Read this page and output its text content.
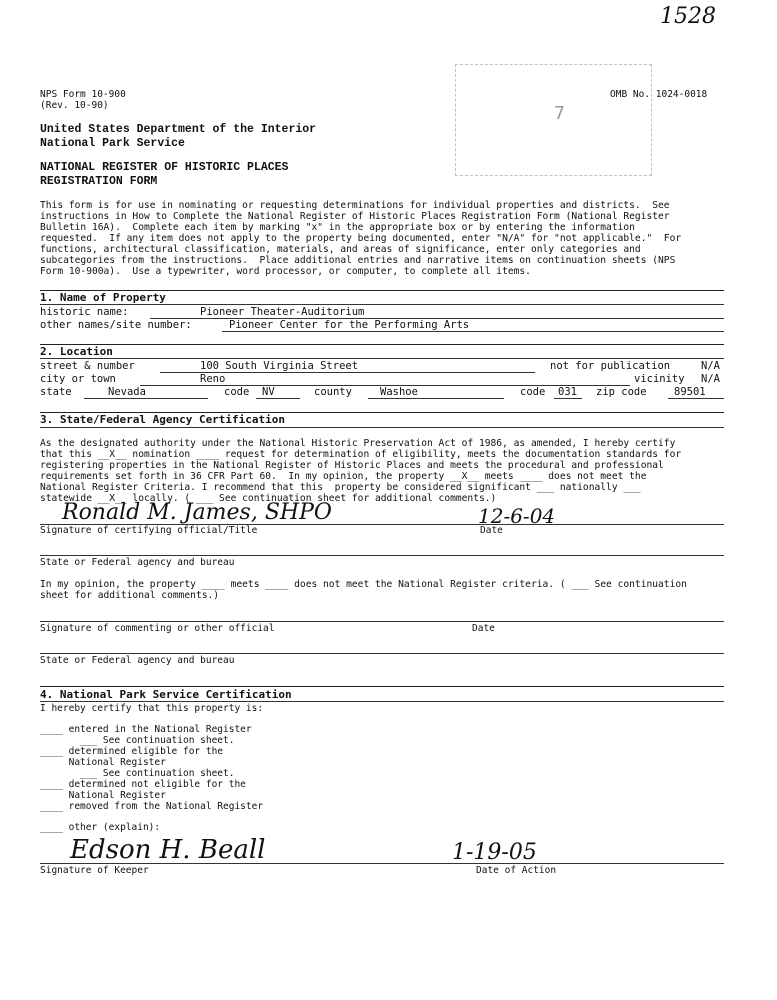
1528
NPS Form 10-900
(Rev. 10-90)
OMB No. 1024-0018
7
United States Department of the Interior
National Park Service
NATIONAL REGISTER OF HISTORIC PLACES
REGISTRATION FORM
This form is for use in nominating or requesting determinations for individual properties and districts.  See
instructions in How to Complete the National Register of Historic Places Registration Form (National Register
Bulletin 16A).  Complete each item by marking "x" in the appropriate box or by entering the information
requested.  If any item does not apply to the property being documented, enter "N/A" for "not applicable."  For
functions, architectural classification, materials, and areas of significance, enter only categories and
subcategories from the instructions.  Place additional entries and narrative items on continuation sheets (NPS
Form 10-900a).  Use a typewriter, word processor, or computer, to complete all items.
1. Name of Property
historic name:	Pioneer Theater-Auditorium
other names/site number:	Pioneer Center for the Performing Arts
2. Location
street & number	100 South Virginia Street	not for publication	N/A
city or town	Reno	vicinity N/A
state	Nevada	code NV	county	Washoe	code 031 zip code	89501
3. State/Federal Agency Certification
As the designated authority under the National Historic Preservation Act of 1986, as amended, I hereby certify
that this __X__ nomination ____ request for determination of eligibility, meets the documentation standards for
registering properties in the National Register of Historic Places and meets the procedural and professional
requirements set forth in 36 CFR Part 60.  In my opinion, the property __X__ meets ____ does not meet the
National Register Criteria. I recommend that this  property be considered significant ___ nationally ___
statewide __X__ locally. ( ___ See continuation sheet for additional comments.)
Ronald M. James, SHPO	12-6-04
Signature of certifying official/Title	Date
State or Federal agency and bureau
In my opinion, the property ____ meets ____ does not meet the National Register criteria. ( ___ See continuation
sheet for additional comments.)
Signature of commenting or other official	Date
State or Federal agency and bureau
4. National Park Service Certification
I hereby certify that this property is:
____ entered in the National Register
___ See continuation sheet.
____ determined eligible for the
National Register
___ See continuation sheet.
____ determined not eligible for the
National Register
____ removed from the National Register
____ other (explain):
Edson H. Beall	1-19-05
Signature of Keeper	Date of Action
